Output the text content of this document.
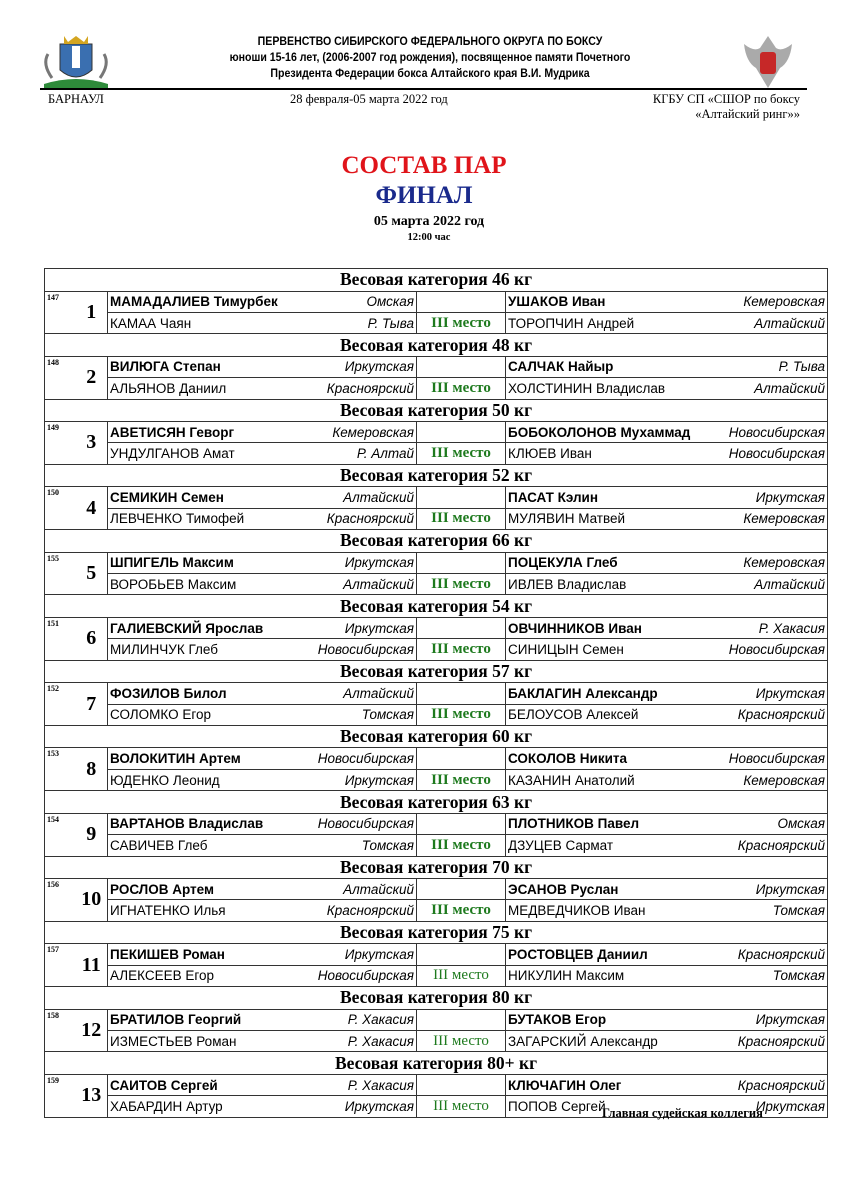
ПЕРВЕНСТВО СИБИРСКОГО ФЕДЕРАЛЬНОГО ОКРУГА ПО БОКСУ
юноши 15-16 лет, (2006-2007 год рождения), посвященное памяти Почетного
Президента Федерации бокса Алтайского края В.И. Мудрика
БАРНАУЛ	28 февраля-05 марта 2022 год	КГБУ СП «СШОР по боксу
«Алтайский ринг»»
СОСТАВ ПАР
ФИНАЛ
05 марта 2022 год
12:00 час
Весовая категория 46 кг						
147	1	МАМАДАЛИЕВ Тимурбек	Омская		УШАКОВ Иван	Кемеровская
		КАМАА Чаян	Р. Тыва	III место	ТОРОПЧИН Андрей	Алтайский
Весовая категория 48 кг						
148	2	ВИЛЮГА Степан	Иркутская		САЛЧАК Найыр	Р. Тыва
		АЛЬЯНОВ Даниил	Красноярский	III место	ХОЛСТИНИН Владислав	Алтайский
Весовая категория 50 кг						
149	3	АВЕТИСЯН Геворг	Кемеровская		БОБОКОЛОНОВ Мухаммад	Новосибирская
		УНДУЛГАНОВ Амат	Р. Алтай	III место	КЛЮЕВ Иван	Новосибирская
Весовая категория 52 кг						
150	4	СЕМИКИН Семен	Алтайский		ПАСАТ Кэлин	Иркутская
		ЛЕВЧЕНКО Тимофей	Красноярский	III место	МУЛЯВИН Матвей	Кемеровская
Весовая категория 66 кг						
155	5	ШПИГЕЛЬ Максим	Иркутская		ПОЦЕКУЛА Глеб	Кемеровская
		ВОРОБЬЕВ Максим	Алтайский	III место	ИВЛЕВ Владислав	Алтайский
Весовая категория 54 кг						
151	6	ГАЛИЕВСКИЙ Ярослав	Иркутская		ОВЧИННИКОВ Иван	Р. Хакасия
		МИЛИНЧУК Глеб	Новосибирская	III место	СИНИЦЫН Семен	Новосибирская
Весовая категория 57 кг						
152	7	ФОЗИЛОВ Билол	Алтайский		БАКЛАГИН Александр	Иркутская
		СОЛОМКО Егор	Томская	III место	БЕЛОУСОВ Алексей	Красноярский
Весовая категория 60 кг						
153	8	ВОЛОКИТИН Артем	Новосибирская		СОКОЛОВ Никита	Новосибирская
		ЮДЕНКО Леонид	Иркутская	III место	КАЗАНИН Анатолий	Кемеровская
Весовая категория 63 кг						
154	9	ВАРТАНОВ Владислав	Новосибирская		ПЛОТНИКОВ Павел	Омская
		САВИЧЕВ Глеб	Томская	III место	ДЗУЦЕВ Сармат	Красноярский
Весовая категория 70 кг						
156	10	РОСЛОВ Артем	Алтайский		ЭСАНОВ Руслан	Иркутская
		ИГНАТЕНКО Илья	Красноярский	III место	МЕДВЕДЧИКОВ Иван	Томская
Весовая категория 75 кг						
157	11	ПЕКИШЕВ Роман	Иркутская		РОСТОВЦЕВ Даниил	Красноярский
		АЛЕКСЕЕВ Егор	Новосибирская	III место	НИКУЛИН Максим	Томская
Весовая категория 80 кг						
158	12	БРАТИЛОВ Георгий	Р. Хакасия		БУТАКОВ Егор	Иркутская
		ИЗМЕСТЬЕВ Роман	Р. Хакасия	III место	ЗАГАРСКИЙ Александр	Красноярский
Весовая категория 80+ кг						
159	13	САИТОВ Сергей	Р. Хакасия		КЛЮЧАГИН Олег	Красноярский
		ХАБАРДИН Артур	Иркутская	III место	ПОПОВ Сергей	Иркутская
Главная судейская коллегия
